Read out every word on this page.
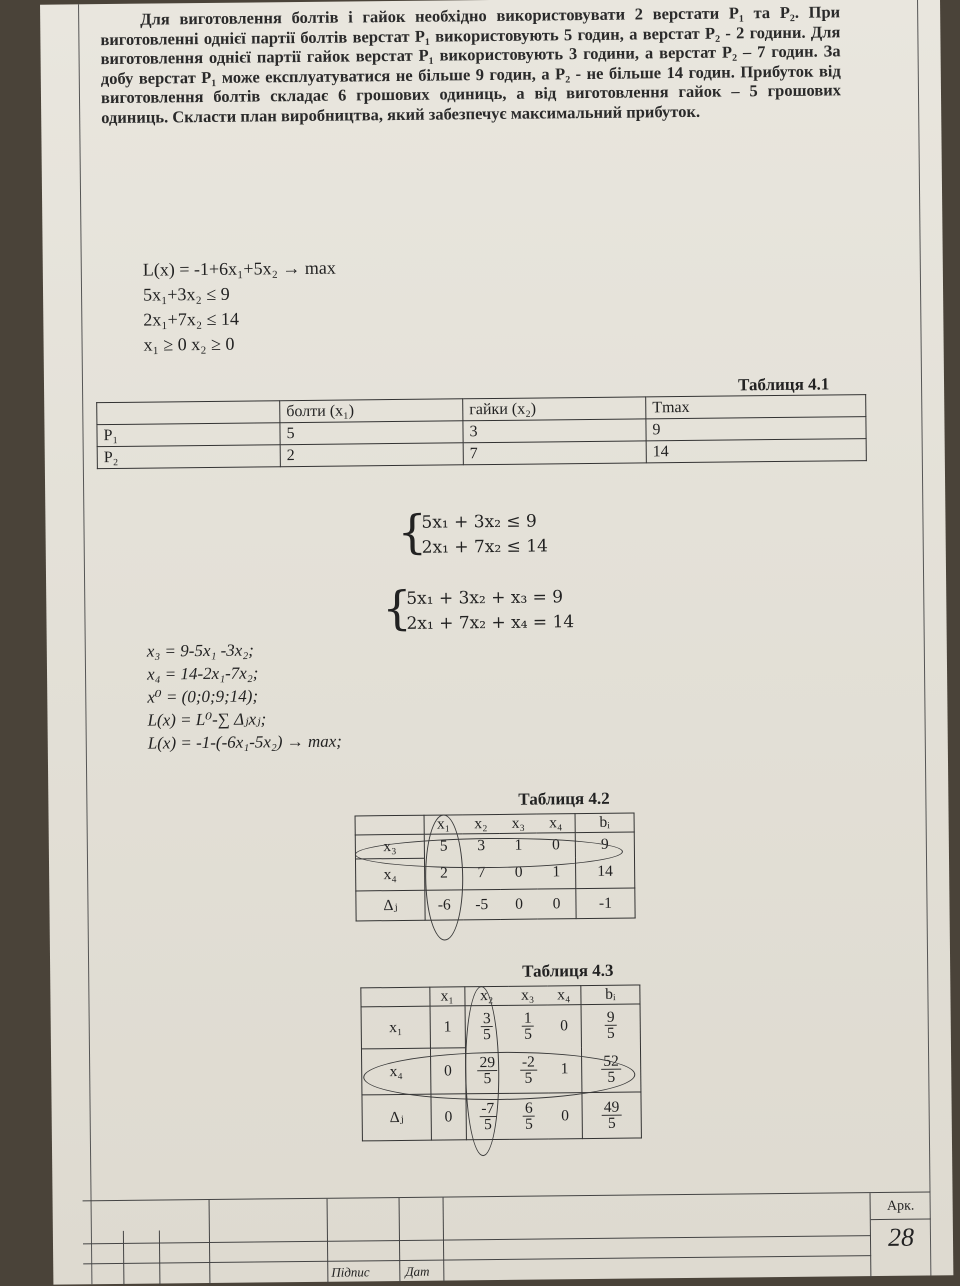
Для виготовлення болтів і гайок необхідно використовувати 2 верстати P₁ та P₂. При виготовленні однієї партії болтів верстат P₁ використовують 5 годин, а верстат P₂ - 2 години. Для виготовлення однієї партії гайок верстат P₁ використовують 3 години, а верстат P₂ – 7 годин. За добу верстат P₁ може експлуатуватися не більше 9 годин, а P₂ - не більше 14 годин. Прибуток від виготовлення болтів складає 6 грошових одиниць, а від виготовлення гайок – 5 грошових одиниць. Скласти план виробництва, який забезпечує максимальний прибуток.
L(x) = -1+6x₁+5x₂ → max
5x₁+3x₂ ≤ 9
2x₁+7x₂ ≤ 14
x₁ ≥ 0 x₂ ≥ 0
Таблиця 4.1
	болти (x₁)	гайки (x₂)	Tmax
P₁	5	3	9
P₂	2	7	14
{
5x₁ + 3x₂ ≤ 9
2x₁ + 7x₂ ≤ 14
{
5x₁ + 3x₂ + x₃ = 9
2x₁ + 7x₂ + x₄ = 14
x₃ = 9-5x₁ -3x₂;
x₄ = 14-2x₁-7x₂;
x⁰ = (0;0;9;14);
L(x) = L⁰-∑ Δⱼxⱼ;
L(x) = -1-(-6x₁-5x₂) → max;
Таблиця 4.2
	x₁	x₂	x₃	x₄	bᵢ
x₃	5	3	1	0	9
x₄	2	7	0	1	14
Δⱼ	-6	-5	0	0	-1
Таблиця 4.3
	x₁	x₂	x₃	x₄	bᵢ
x₁	1	$\frac{3}{5}$	$\frac{1}{5}$	0	$\frac{9}{5}$

x₄	0	$\frac{29}{5}$	$\frac{-2}{5}$	1	$\frac{52}{5}$

Δⱼ	0	$\frac{-7}{5}$	$\frac{6}{5}$	0	$\frac{49}{5}$
Арк.
28
Підпис	Дат
